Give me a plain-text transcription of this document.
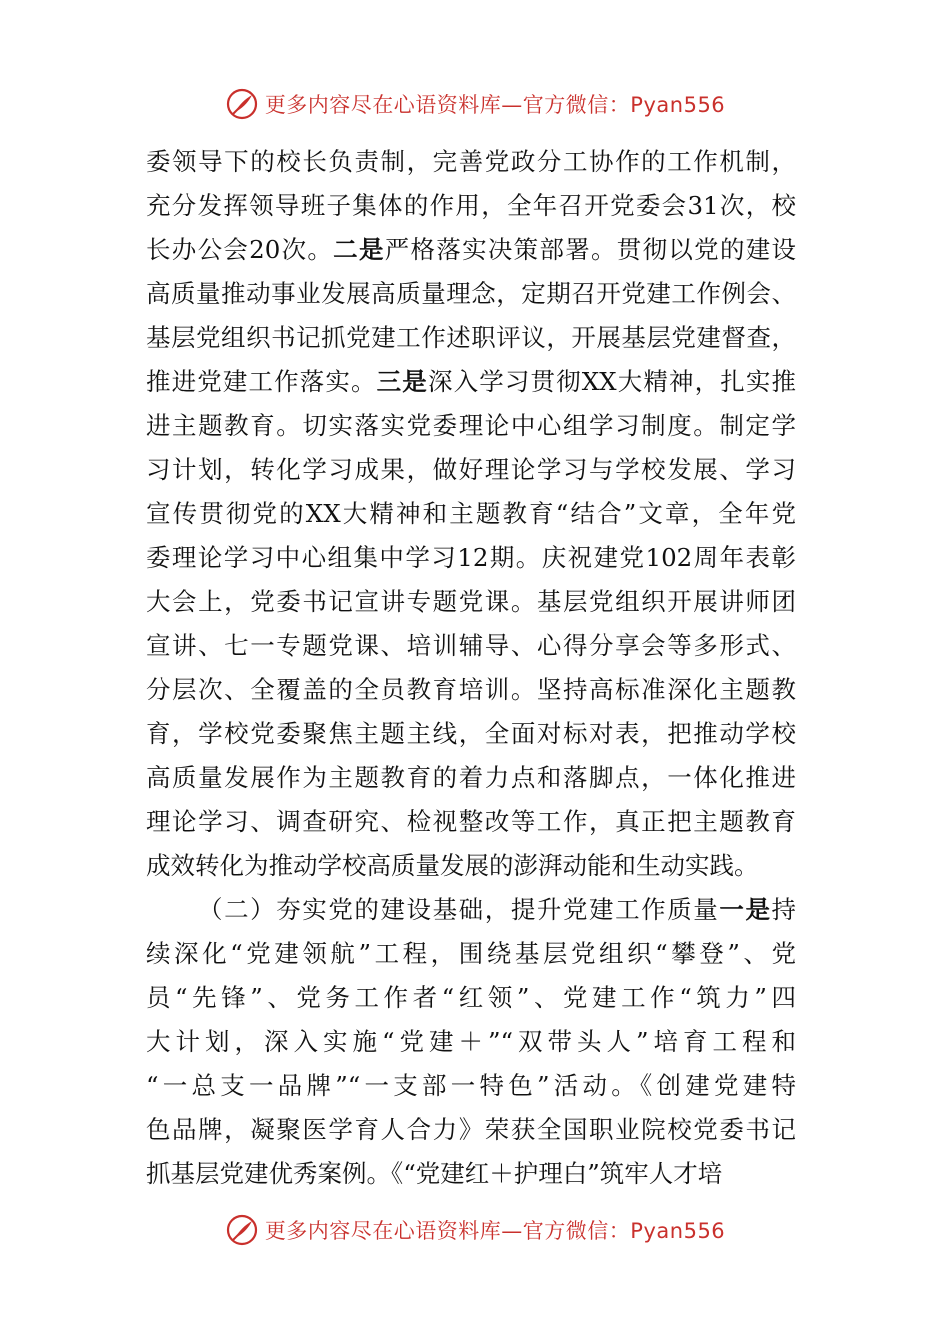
更多内容尽在心语资料库—官方微信：Pyan556
委领导下的校长负责制，完善党政分工协作的工作机制，
充分发挥领导班子集体的作用，全年召开党委会31次，校
长办公会20次。二是严格落实决策部署。贯彻以党的建设
高质量推动事业发展高质量理念，定期召开党建工作例会、
基层党组织书记抓党建工作述职评议，开展基层党建督查，
推进党建工作落实。三是深入学习贯彻XX大精神，扎实推
进主题教育。切实落实党委理论中心组学习制度。制定学
习计划，转化学习成果，做好理论学习与学校发展、学习
宣传贯彻党的XX大精神和主题教育“结合”文章，全年党
委理论学习中心组集中学习12期。庆祝建党102周年表彰
大会上，党委书记宣讲专题党课。基层党组织开展讲师团
宣讲、七一专题党课、培训辅导、心得分享会等多形式、
分层次、全覆盖的全员教育培训。坚持高标准深化主题教
育，学校党委聚焦主题主线，全面对标对表，把推动学校
高质量发展作为主题教育的着力点和落脚点，一体化推进
理论学习、调查研究、检视整改等工作，真正把主题教育
成效转化为推动学校高质量发展的澎湃动能和生动实践。
（二）夯实党的建设基础，提升党建工作质量一是持
续深化“党建领航”工程，围绕基层党组织“攀登”、党
员“先锋”、党务工作者“红领”、党建工作“筑力”四
大计划，深入实施“党建＋”“双带头人”培育工程和
“一总支一品牌”“一支部一特色”活动。《创建党建特
色品牌，凝聚医学育人合力》荣获全国职业院校党委书记
抓基层党建优秀案例。《“党建红＋护理白”筑牢人才培
更多内容尽在心语资料库—官方微信：Pyan556
